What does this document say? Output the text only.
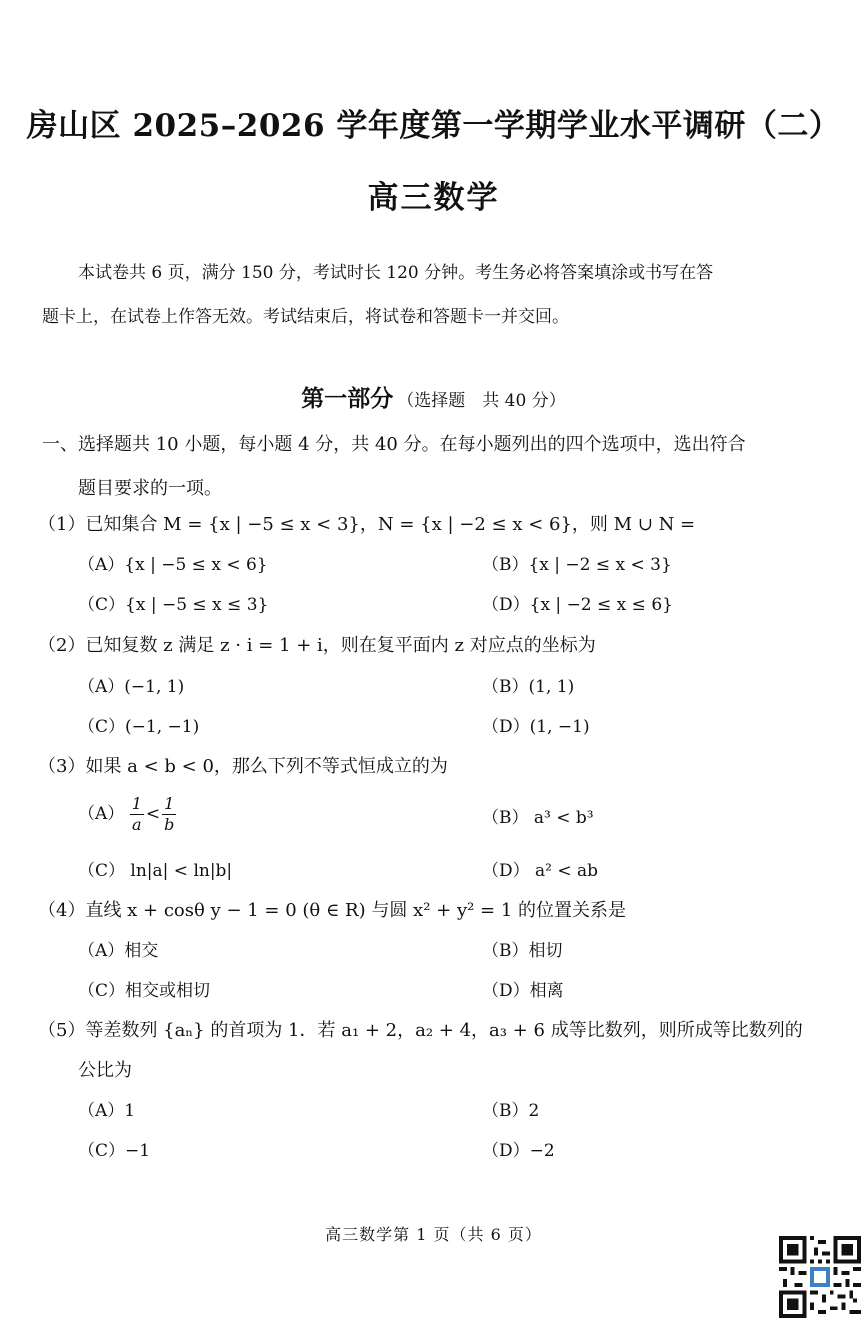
房山区 2025–2026 学年度第一学期学业水平调研（二）
高三数学
本试卷共 6 页，满分 150 分，考试时长 120 分钟。考生务必将答案填涂或书写在答
题卡上，在试卷上作答无效。考试结束后，将试卷和答题卡一并交回。
第一部分 （选择题　共 40 分）
一、选择题共 10 小题，每小题 4 分，共 40 分。在每小题列出的四个选项中，选出符合
题目要求的一项。
（1）已知集合 M = {x | −5 ≤ x < 3}，N = {x | −2 ≤ x < 6}，则 M ∪ N =
（A）{x | −5 ≤ x < 6}	（B）{x | −2 ≤ x < 3}
（C）{x | −5 ≤ x ≤ 3}	（D）{x | −2 ≤ x ≤ 6}
（2）已知复数 z 满足 z · i = 1 + i，则在复平面内 z 对应点的坐标为
（A）(−1, 1)	（B）(1, 1)
（C）(−1, −1)	（D）(1, −1)
（3）如果 a < b < 0，那么下列不等式恒成立的为
$(A) \frac{1}{a} < \frac{1}{b}$	（B） a³ < b³
（C） ln|a| < ln|b|	（D） a² < ab
（4）直线 x + cosθ y − 1 = 0 (θ ∈ R) 与圆 x² + y² = 1 的位置关系是
（A）相交	（B）相切
（C）相交或相切	（D）相离
（5）等差数列 {aₙ} 的首项为 1．若 a₁ + 2，a₂ + 4，a₃ + 6 成等比数列，则所成等比数列的
公比为
（A）1	（B）2
（C）−1	（D）−2
高三数学第 1 页（共 6 页）
